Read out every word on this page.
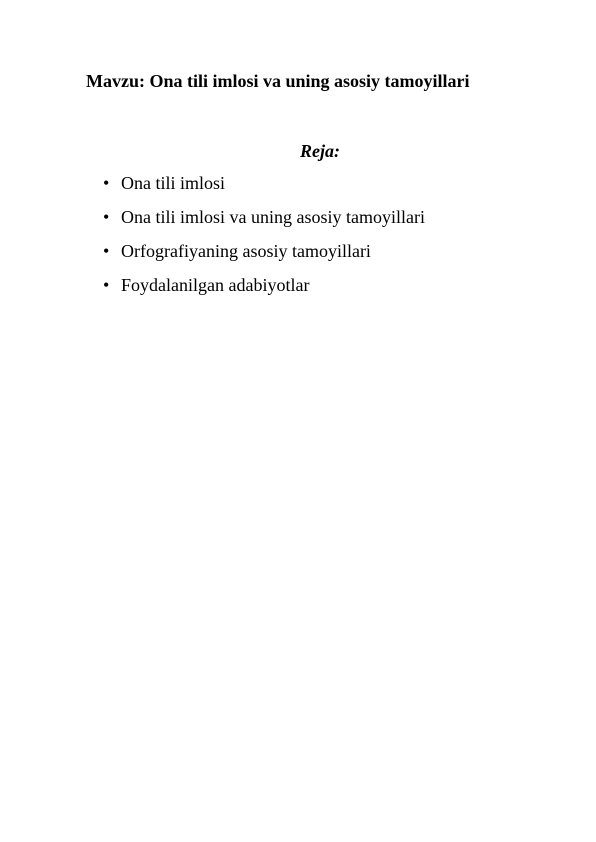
Mavzu: Ona tili imlosi va uning asosiy tamoyillari
Reja:
• Ona tili imlosi
• Ona tili imlosi va uning asosiy tamoyillari
• Orfografiyaning asosiy tamoyillari
• Foydalanilgan adabiyotlar
